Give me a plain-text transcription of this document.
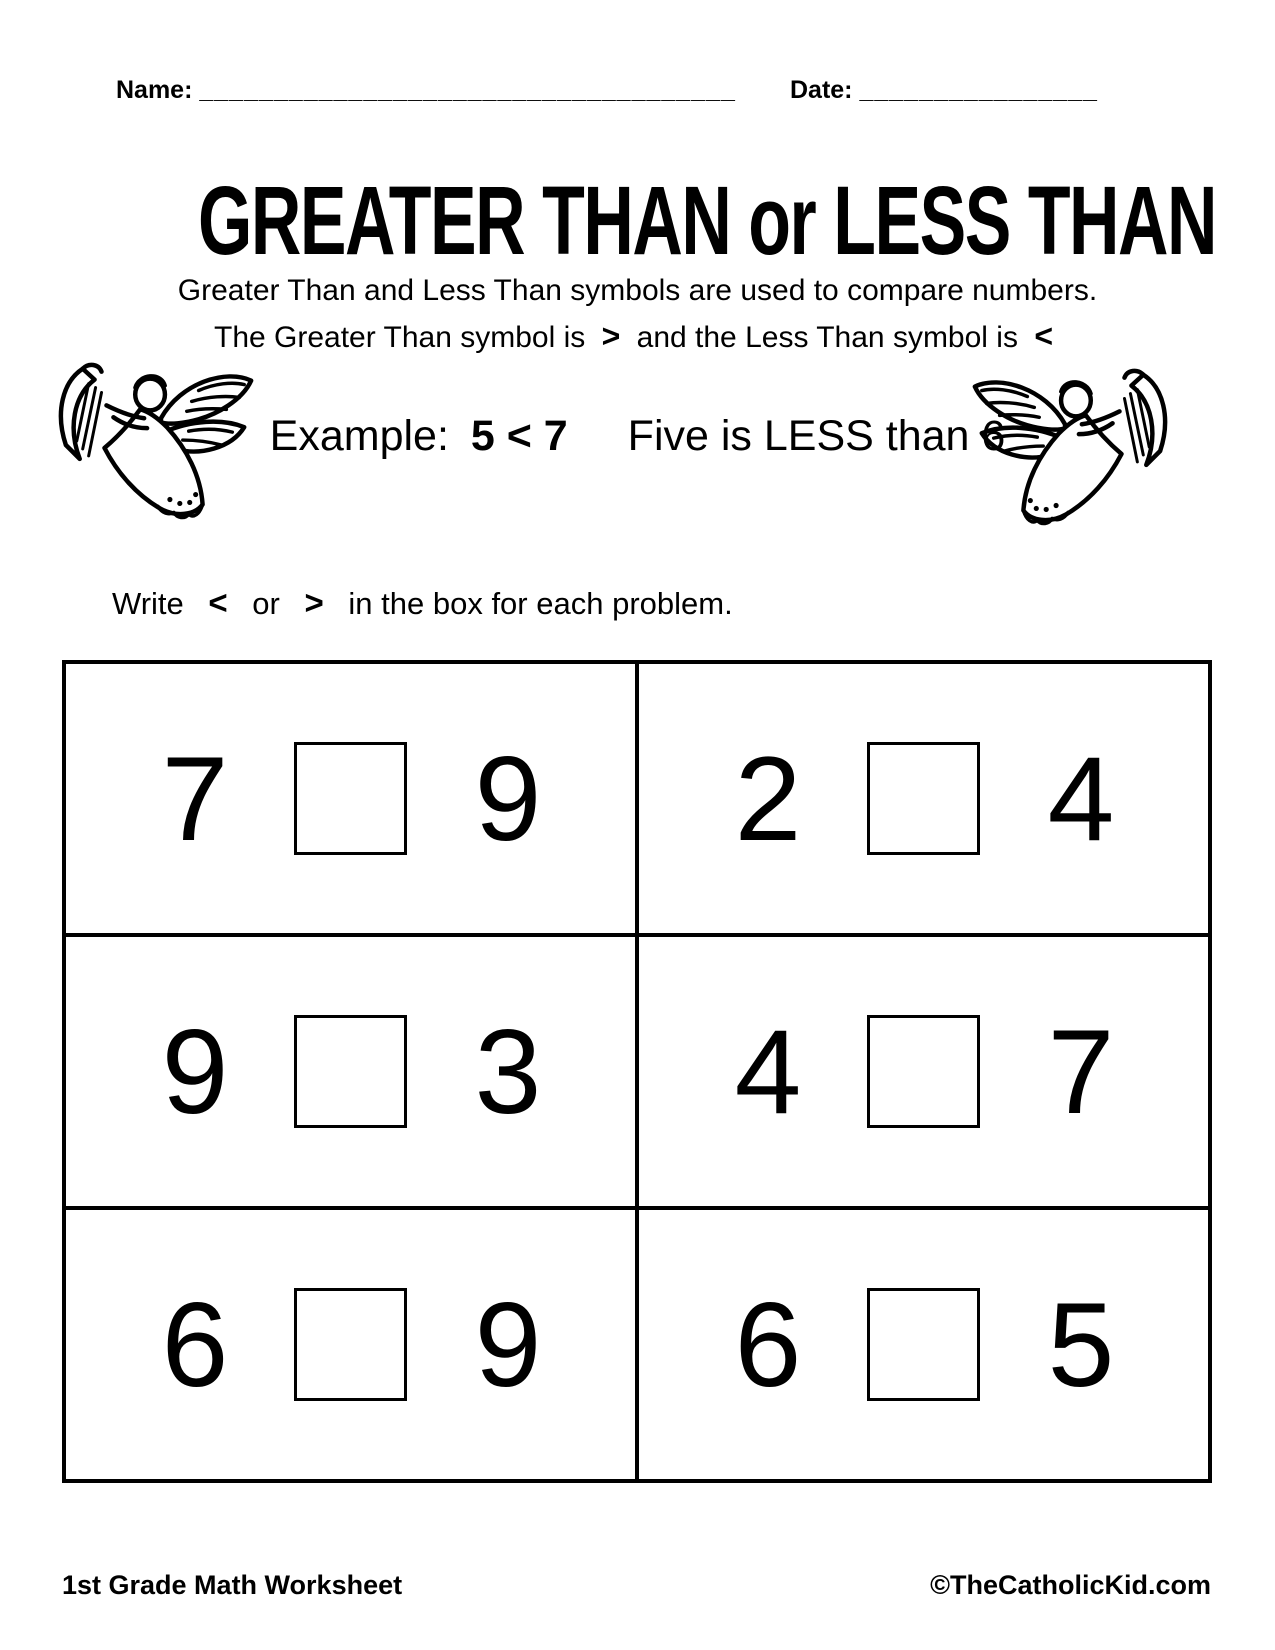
Name: ____________________________________ Date: ________________
GREATER THAN or LESS THAN
Greater Than and Less Than symbols are used to compare numbers.
The Greater Than symbol is > and the Less Than symbol is <
Example: 5 < 7 Five is LESS than 6
Write < or > in the box for each problem.
7 9 2 4
9 3 4 7
6 9 6 5
1st Grade Math Worksheet	©TheCatholicKid.com
